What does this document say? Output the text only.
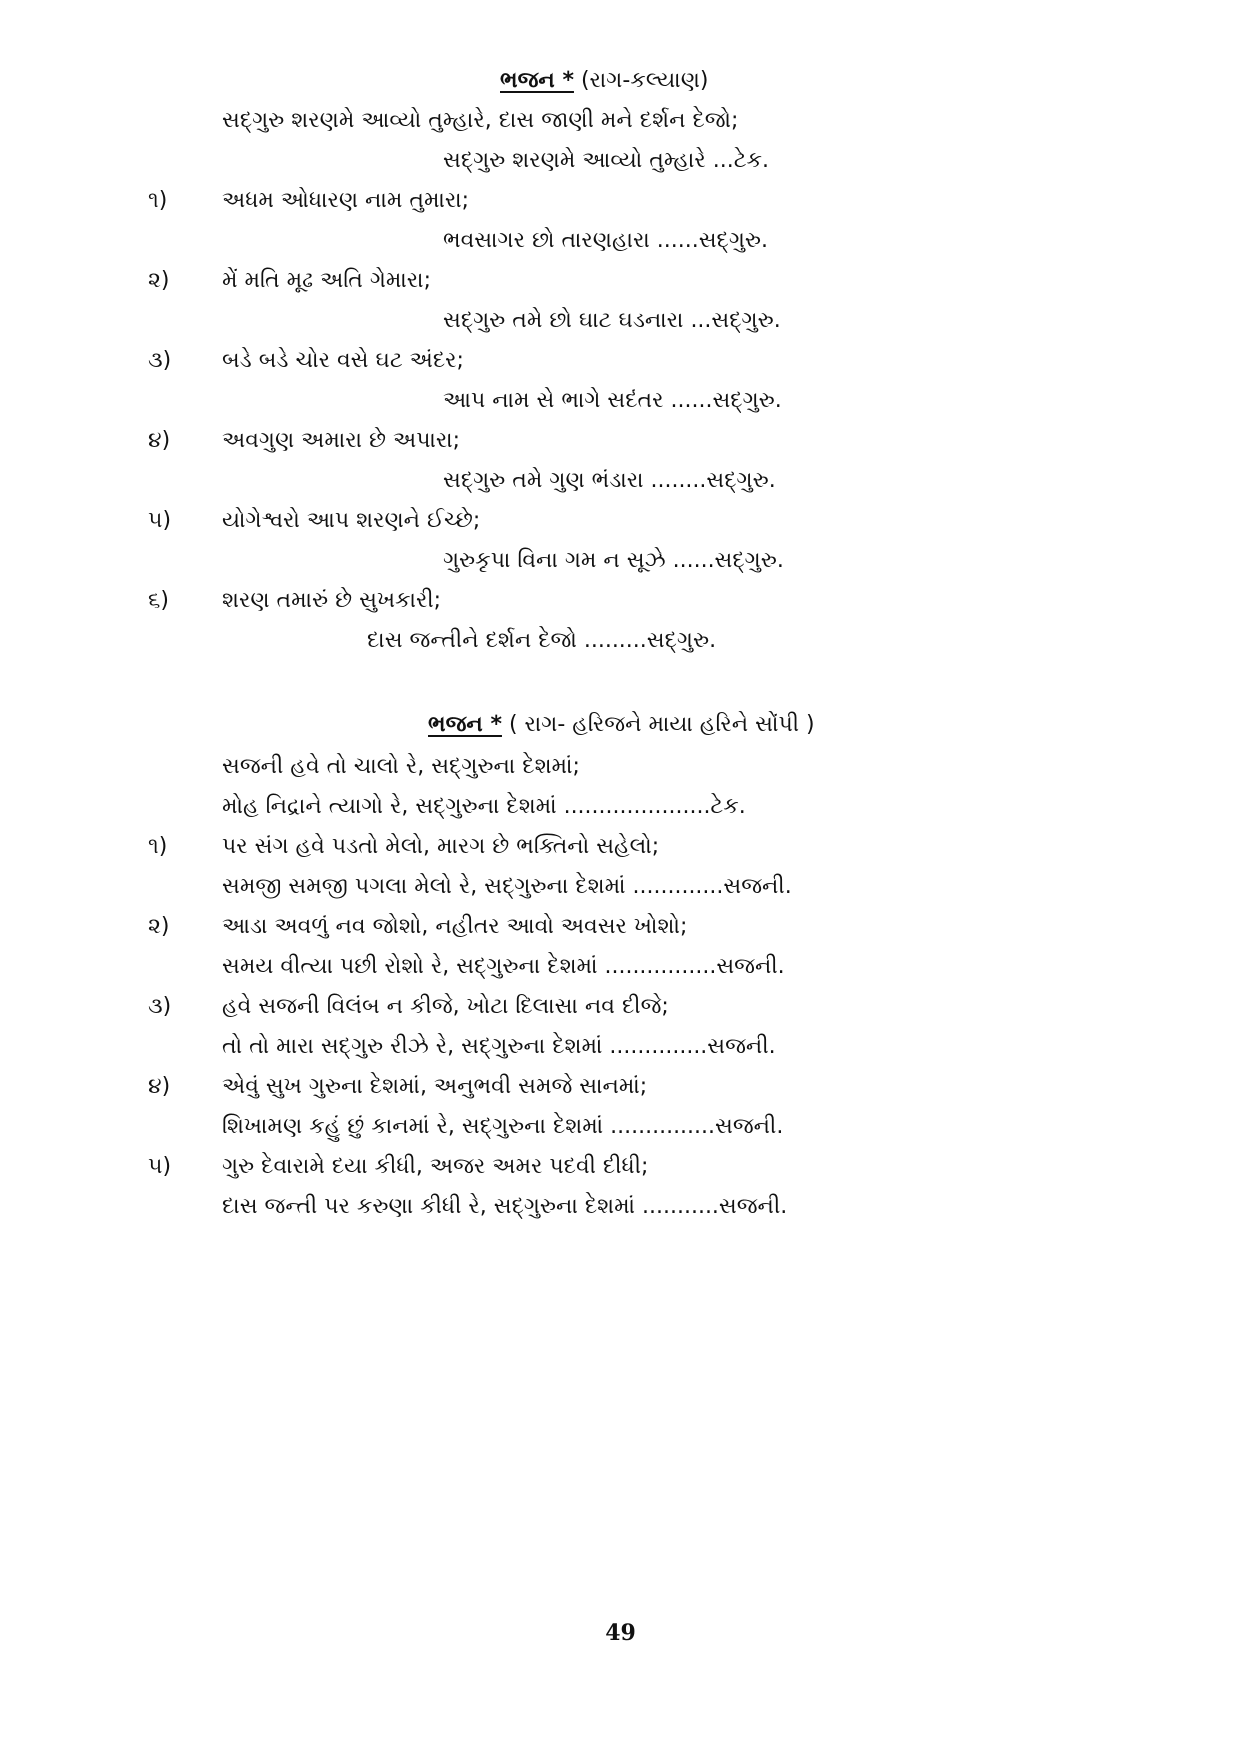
ભજન * (રાગ-કલ્યાણ)
સદ્‌ગુરુ શરણમે આવ્યો તુમ્હારે, દાસ જાણી મને દર્શન દેજો;
સદ્‌ગુરુ શરણમે આવ્યો તુમ્હારે ...ટેક.
૧) અધમ ઓધારણ નામ તુમારા;
ભવસાગર છો તારણહારા ......સદ્‌ગુરુ.
૨) મેં મતિ મૂઢ અતિ ગેમારા;
સદ્‌ગુરુ તમે છો ઘાટ ઘડનારા ...સદ્‌ગુરુ.
૩) બડે બડે ચોર વસે ઘટ અંદર;
આપ નામ સે ભાગે સદંતર ......સદ્‌ગુરુ.
૪) અવગુણ અમારા છે અપારા;
સદ્‌ગુરુ તમે ગુણ ભંડારા ........સદ્‌ગુરુ.
૫) યોગેશ્વરો આપ શરણને ઈચ્છે;
ગુરુકૃપા વિના ગમ ન સૂઝે ......સદ્‌ગુરુ.
૬) શરણ તમારું છે સુખકારી;
દાસ જન્તીને દર્શન દેજો .........સદ્‌ગુરુ.
ભજન * ( રાગ- હરિજને માયા હરિને સોંપી )
સજની હવે તો ચાલો રે, સદ્‌ગુરુના દેશમાં;
મોહ નિદ્રાને ત્યાગો રે, સદ્‌ગુરુના દેશમાં .....................ટેક.
૧) પર સંગ હવે પડતો મેલો, મારગ છે ભક્તિનો સહેલો;
સમજી સમજી પગલા મેલો રે, સદ્‌ગુરુના દેશમાં .............સજની.
૨) આડા અવળું નવ જોશો, નહીતર આવો અવસર ખોશો;
સમય વીત્યા પછી રોશો રે, સદ્‌ગુરુના દેશમાં ................સજની.
૩) હવે સજની વિલંબ ન કીજે, ખોટા દિલાસા નવ દીજે;
તો તો મારા સદ્‌ગુરુ રીઝે રે, સદ્‌ગુરુના દેશમાં ..............સજની.
૪) એવું સુખ ગુરુના દેશમાં, અનુભવી સમજે સાનમાં;
શિખામણ કહું છું કાનમાં રે, સદ્‌ગુરુના દેશમાં ...............સજની.
૫) ગુરુ દેવારામે દયા કીધી, અજર અમર પદવી દીધી;
દાસ જન્તી પર કરુણા કીધી રે, સદ્‌ગુરુના દેશમાં ...........સજની.
49
